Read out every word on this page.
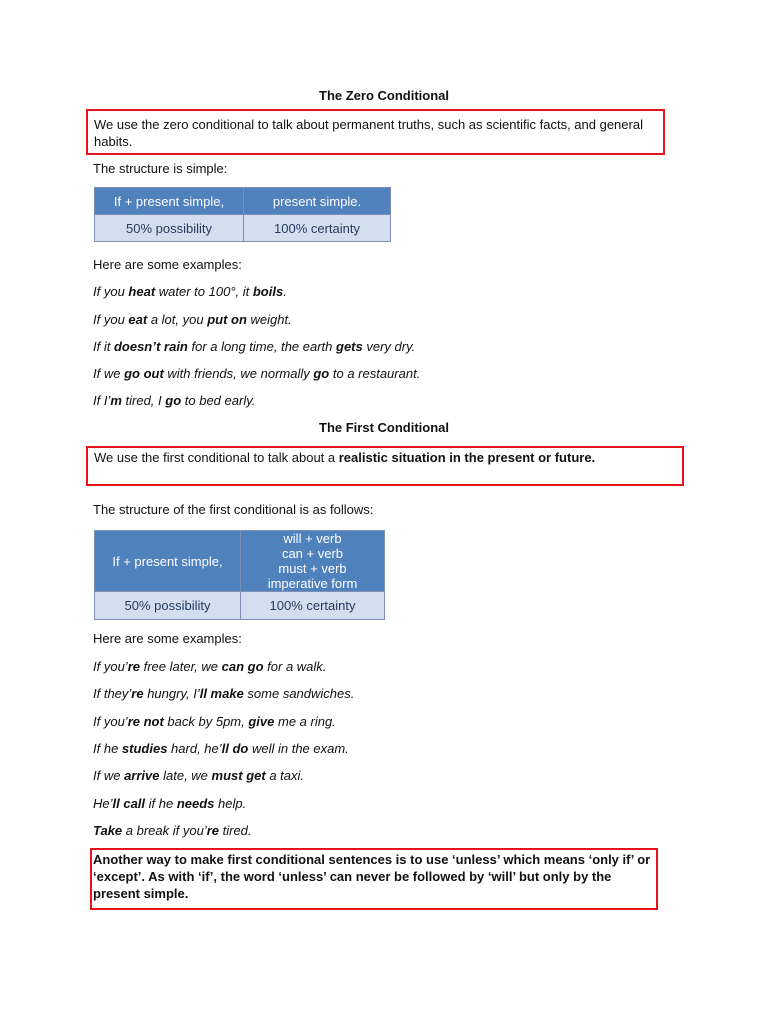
The Zero Conditional
We use the zero conditional to talk about permanent truths, such as scientific facts, and general habits.
The structure is simple:
If + present simple,	present simple.
50% possibility	100% certainty
Here are some examples:
If you heat water to 100°, it boils.
If you eat a lot, you put on weight.
If it doesn’t rain for a long time, the earth gets very dry.
If we go out with friends, we normally go to a restaurant.
If I’m tired, I go to bed early.
The First Conditional
We use the first conditional to talk about a realistic situation in the present or future.
The structure of the first conditional is as follows:
If + present simple,	will + verb
can + verb
must + verb
imperative form

50% possibility	100% certainty
Here are some examples:
If you’re free later, we can go for a walk.
If they’re hungry, I’ll make some sandwiches.
If you’re not back by 5pm, give me a ring.
If he studies hard, he’ll do well in the exam.
If we arrive late, we must get a taxi.
He’ll call if he needs help.
Take a break if you’re tired.
Another way to make first conditional sentences is to use ‘unless’ which means ‘only if’ or ‘except’. As with ‘if’, the word ‘unless’ can never be followed by ‘will’ but only by the present simple.
